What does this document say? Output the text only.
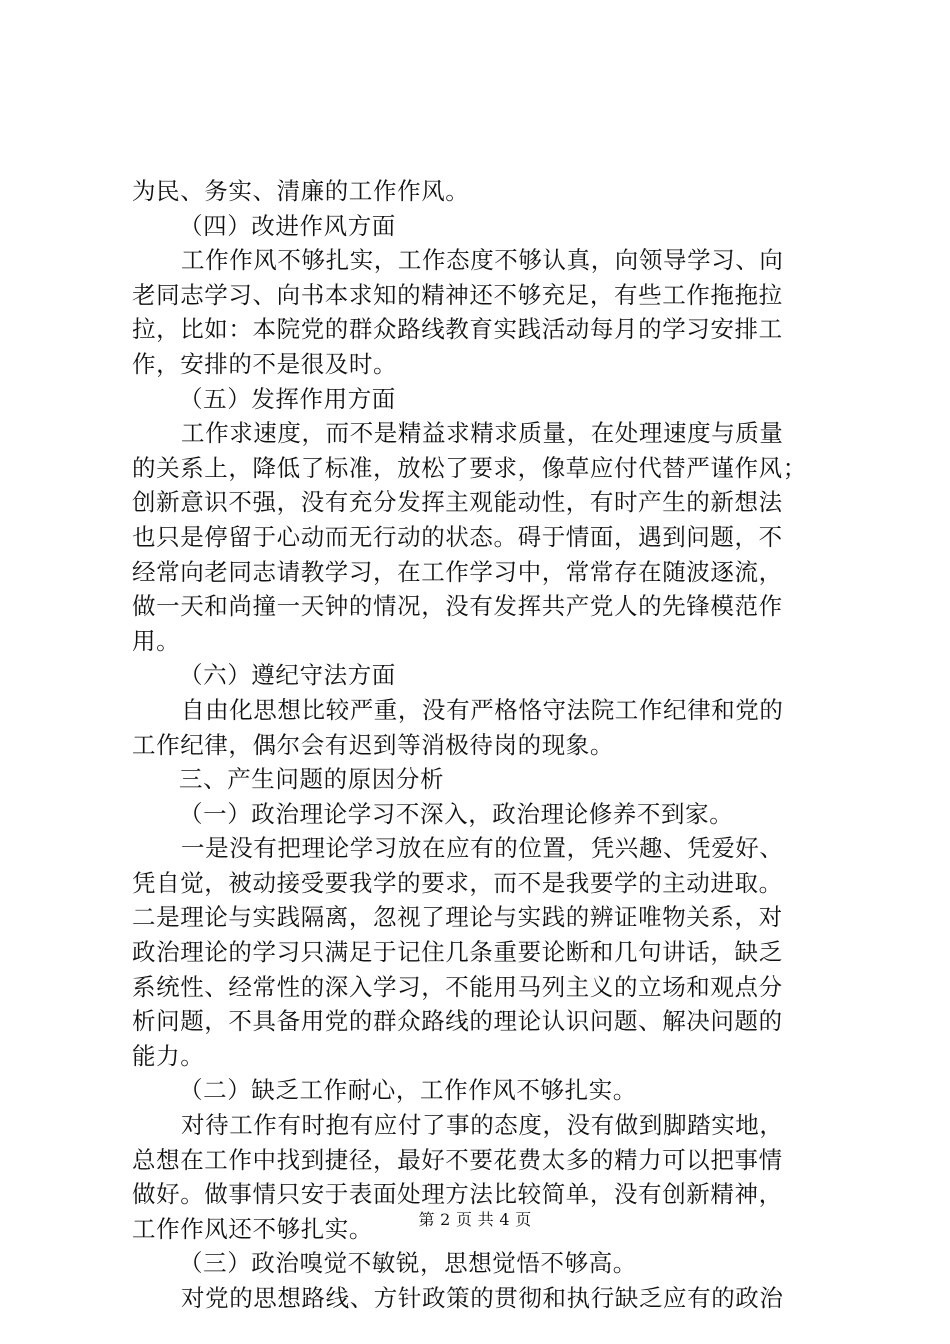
为民、务实、清廉的工作作风。
（四）改进作风方面
工作作风不够扎实，工作态度不够认真，向领导学习、向
老同志学习、向书本求知的精神还不够充足，有些工作拖拖拉
拉，比如：本院党的群众路线教育实践活动每月的学习安排工
作，安排的不是很及时。
（五）发挥作用方面
工作求速度，而不是精益求精求质量，在处理速度与质量
的关系上，降低了标准，放松了要求，像草应付代替严谨作风；
创新意识不强，没有充分发挥主观能动性，有时产生的新想法
也只是停留于心动而无行动的状态。碍于情面，遇到问题，不
经常向老同志请教学习，在工作学习中，常常存在随波逐流，
做一天和尚撞一天钟的情况，没有发挥共产党人的先锋模范作
用。
（六）遵纪守法方面
自由化思想比较严重，没有严格恪守法院工作纪律和党的
工作纪律，偶尔会有迟到等消极待岗的现象。
三、产生问题的原因分析
（一）政治理论学习不深入，政治理论修养不到家。
一是没有把理论学习放在应有的位置，凭兴趣、凭爱好、
凭自觉，被动接受要我学的要求，而不是我要学的主动进取。
二是理论与实践隔离，忽视了理论与实践的辨证唯物关系，对
政治理论的学习只满足于记住几条重要论断和几句讲话，缺乏
系统性、经常性的深入学习，不能用马列主义的立场和观点分
析问题，不具备用党的群众路线的理论认识问题、解决问题的
能力。
（二）缺乏工作耐心，工作作风不够扎实。
对待工作有时抱有应付了事的态度，没有做到脚踏实地，
总想在工作中找到捷径，最好不要花费太多的精力可以把事情
做好。做事情只安于表面处理方法比较简单，没有创新精神，
工作作风还不够扎实。
（三）政治嗅觉不敏锐，思想觉悟不够高。
对党的思想路线、方针政策的贯彻和执行缺乏应有的政治
第 2 页 共 4 页
